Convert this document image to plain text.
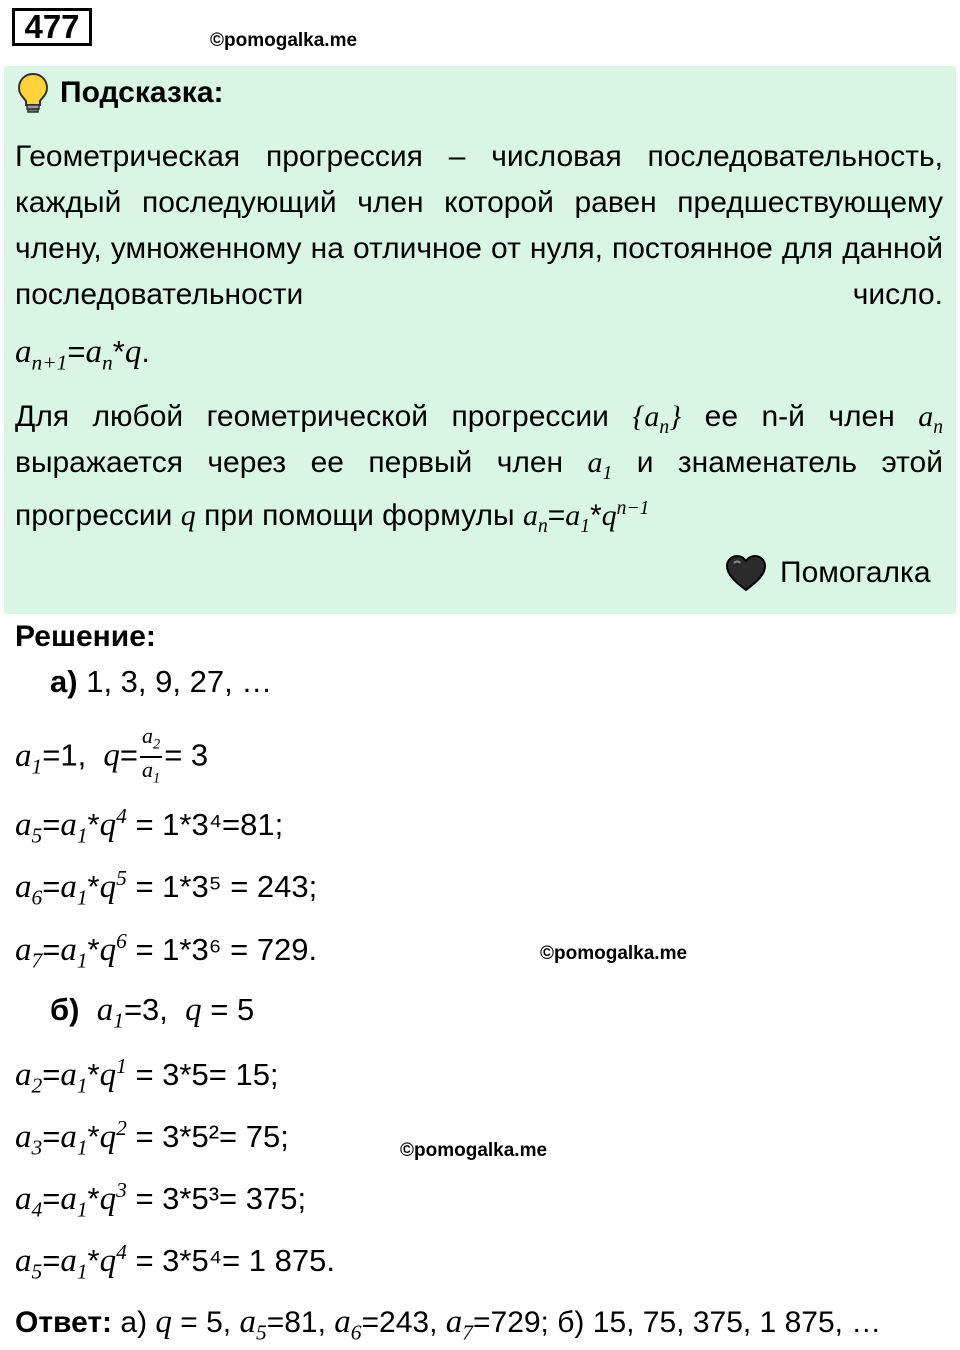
477	©pomogalka.me
Подсказка:
Геометрическая прогрессия – числовая последовательность, каждый последующий член которой равен предшествующему члену, умноженному на отличное от нуля, постоянное для данной последовательности число.
$a_{n+1}=a_n*q$.
Для любой геометрической прогрессии $\{a_n\}$ ее n-й член $a_n$
выражается через ее первый член $a_1$ и знаменатель этой
прогрессии q при помощи формулы $a_n=a_1*q^{n-1}$
Помогалка
Решение:
а) 1, 3, 9, 27, …
$a_1=1$, $q= \frac{a_2}{a_1} = 3$
$a_5=a_1*q^4 = 1*3^4=81$;
$a_6=a_1*q^5 = 1*3^5 = 243$;
$a_7=a_1*q^6 = 1*3^6 = 729$.	©pomogalka.me
б) $a_1=3$, q = 5
$a_2=a_1*q^1 = 3*5= 15$;
$a_3=a_1*q^2 = 3*5^2= 75$;	©pomogalka.me
$a_4=a_1*q^3 = 3*5^3= 375$;
$a_5=a_1*q^4 = 3*5^4= 1$ 875.
Ответ: а) q = 5, $a_5=81$, $a_6=243$, $a_7=729$; б) 15, 75, 375, 1 875, …
